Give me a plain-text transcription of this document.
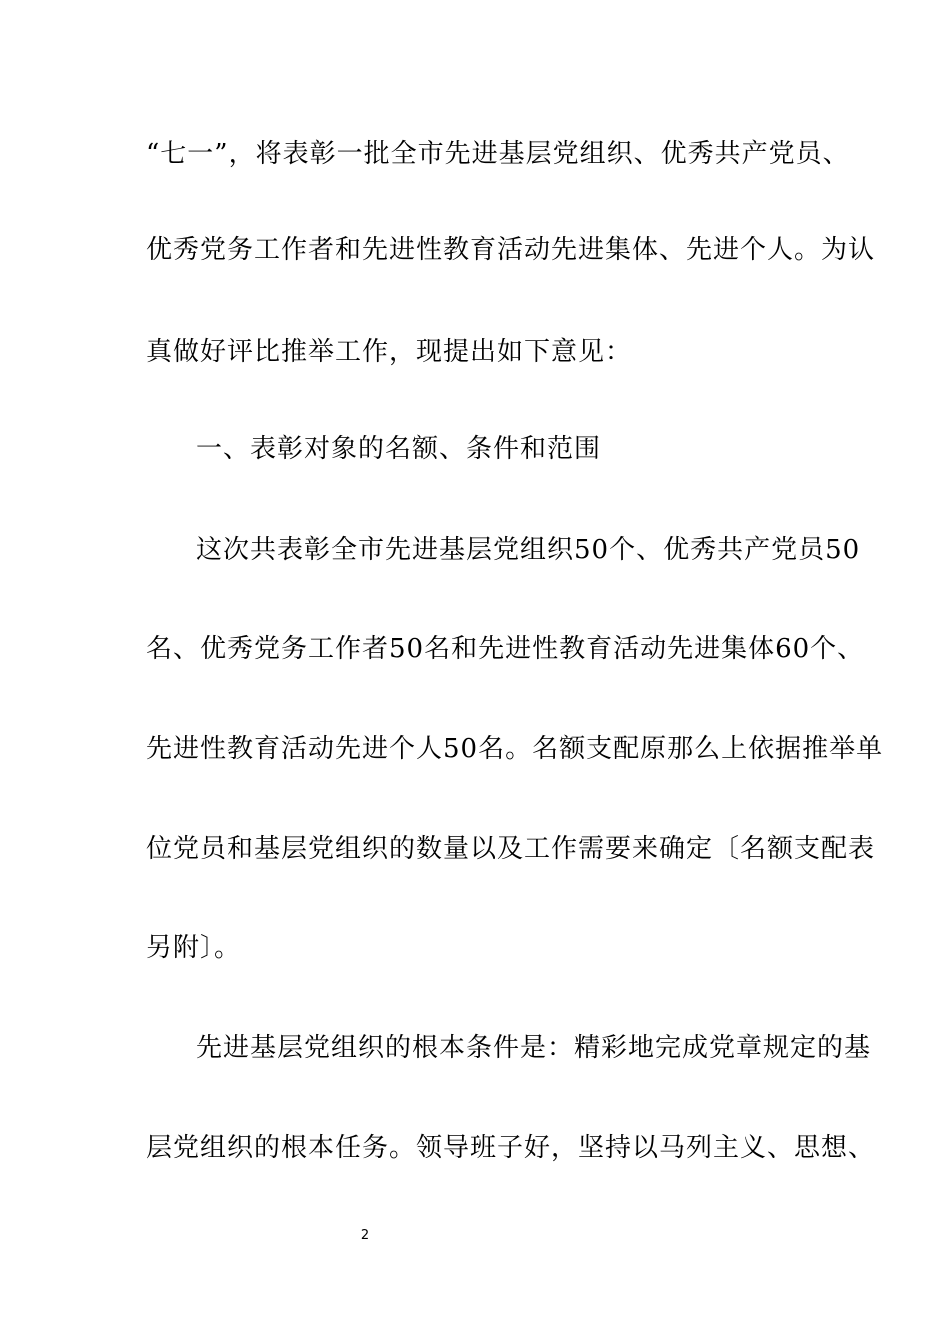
“七一”，将表彰一批全市先进基层党组织、优秀共产党员、
优秀党务工作者和先进性教育活动先进集体、先进个人。为认
真做好评比推举工作，现提出如下意见：
一、表彰对象的名额、条件和范围
这次共表彰全市先进基层党组织50个、优秀共产党员50
名、优秀党务工作者50名和先进性教育活动先进集体60个、
先进性教育活动先进个人50名。名额支配原那么上依据推举单
位党员和基层党组织的数量以及工作需要来确定〔名额支配表
另附〕。
先进基层党组织的根本条件是：精彩地完成党章规定的基
层党组织的根本任务。领导班子好，坚持以马列主义、思想、
2
